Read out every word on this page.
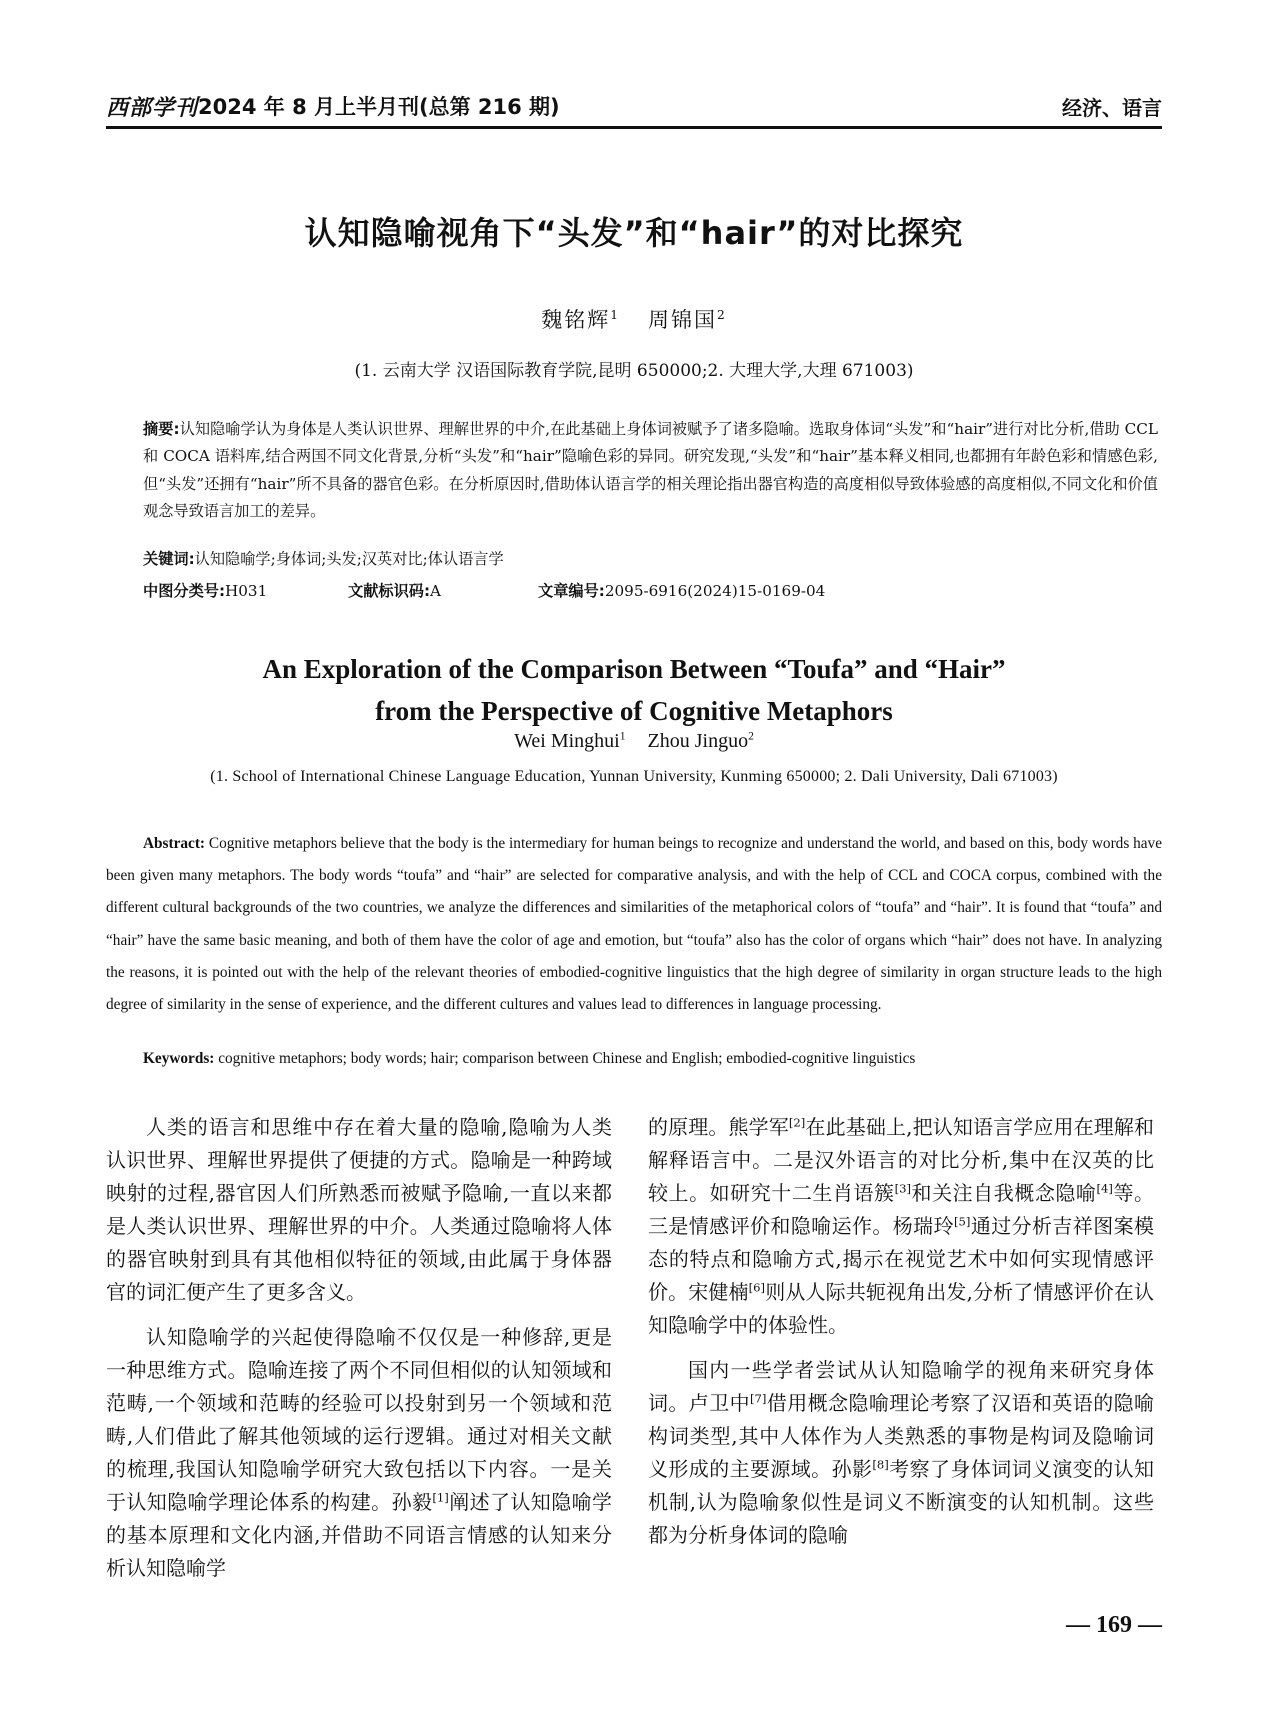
西部学刊 2024 年 8 月上半月刊(总第 216 期)	经济、语言
认知隐喻视角下“头发”和“hair”的对比探究
魏铭辉$^1$ 周锦国$^2$
(1. 云南大学 汉语国际教育学院,昆明 650000;2. 大理大学,大理 671003)
摘要:认知隐喻学认为身体是人类认识世界、理解世界的中介,在此基础上身体词被赋予了诸多隐喻。选取身体词“头发”和“hair”进行对比分析,借助 CCL 和 COCA 语料库,结合两国不同文化背景,分析“头发”和“hair”隐喻色彩的异同。研究发现,“头发”和“hair”基本释义相同,也都拥有年龄色彩和情感色彩,但“头发”还拥有“hair”所不具备的器官色彩。在分析原因时,借助体认语言学的相关理论指出器官构造的高度相似导致体验感的高度相似,不同文化和价值观念导致语言加工的差异。
关键词:认知隐喻学;身体词;头发;汉英对比;体认语言学
中图分类号:H031	文献标识码:A	文章编号:2095-6916(2024)15-0169-04
An Exploration of the Comparison Between “Toufa” and “Hair”
from the Perspective of Cognitive Metaphors
Wei Minghui$^1$ Zhou Jinguo$^2$
(1. School of International Chinese Language Education, Yunnan University, Kunming 650000; 2. Dali University, Dali 671003)
Abstract: Cognitive metaphors believe that the body is the intermediary for human beings to recognize and understand the world, and based on this, body words have been given many metaphors. The body words “toufa” and “hair” are selected for comparative analysis, and with the help of CCL and COCA corpus, combined with the different cultural backgrounds of the two countries, we analyze the differences and similarities of the metaphorical colors of “toufa” and “hair”. It is found that “toufa” and “hair” have the same basic meaning, and both of them have the color of age and emotion, but “toufa” also has the color of organs which “hair” does not have. In analyzing the reasons, it is pointed out with the help of the relevant theories of embodied-cognitive linguistics that the high degree of similarity in organ structure leads to the high degree of similarity in the sense of experience, and the different cultures and values lead to differences in language processing.
Keywords: cognitive metaphors; body words; hair; comparison between Chinese and English; embodied-cognitive linguistics

人类的语言和思维中存在着大量的隐喻,隐喻为人类认识世界、理解世界提供了便捷的方式。隐喻是一种跨域映射的过程,器官因人们所熟悉而被赋予隐喻,一直以来都是人类认识世界、理解世界的中介。人类通过隐喻将人体的器官映射到具有其他相似特征的领域,由此属于身体器官的词汇便产生了更多含义。

认知隐喻学的兴起使得隐喻不仅仅是一种修辞,更是一种思维方式。隐喻连接了两个不同但相似的认知领域和范畴,一个领域和范畴的经验可以投射到另一个领域和范畴,人们借此了解其他领域的运行逻辑。通过对相关文献的梳理,我国认知隐喻学研究大致包括以下内容。一是关于认知隐喻学理论体系的构建。孙毅[1]阐述了认知隐喻学的基本原理和文化内涵,并借助不同语言情感的认知来分析认知隐喻学

的原理。熊学军[2]在此基础上,把认知语言学应用在理解和解释语言中。二是汉外语言的对比分析,集中在汉英的比较上。如研究十二生肖语簇[3]和关注自我概念隐喻[4]等。三是情感评价和隐喻运作。杨瑞玲[5]通过分析吉祥图案模态的特点和隐喻方式,揭示在视觉艺术中如何实现情感评价。宋健楠[6]则从人际共轭视角出发,分析了情感评价在认知隐喻学中的体验性。

国内一些学者尝试从认知隐喻学的视角来研究身体词。卢卫中[7]借用概念隐喻理论考察了汉语和英语的隐喻构词类型,其中人体作为人类熟悉的事物是构词及隐喻词义形成的主要源域。孙影[8]考察了身体词词义演变的认知机制,认为隐喻象似性是词义不断演变的认知机制。这些都为分析身体词的隐喻

— 169 —
